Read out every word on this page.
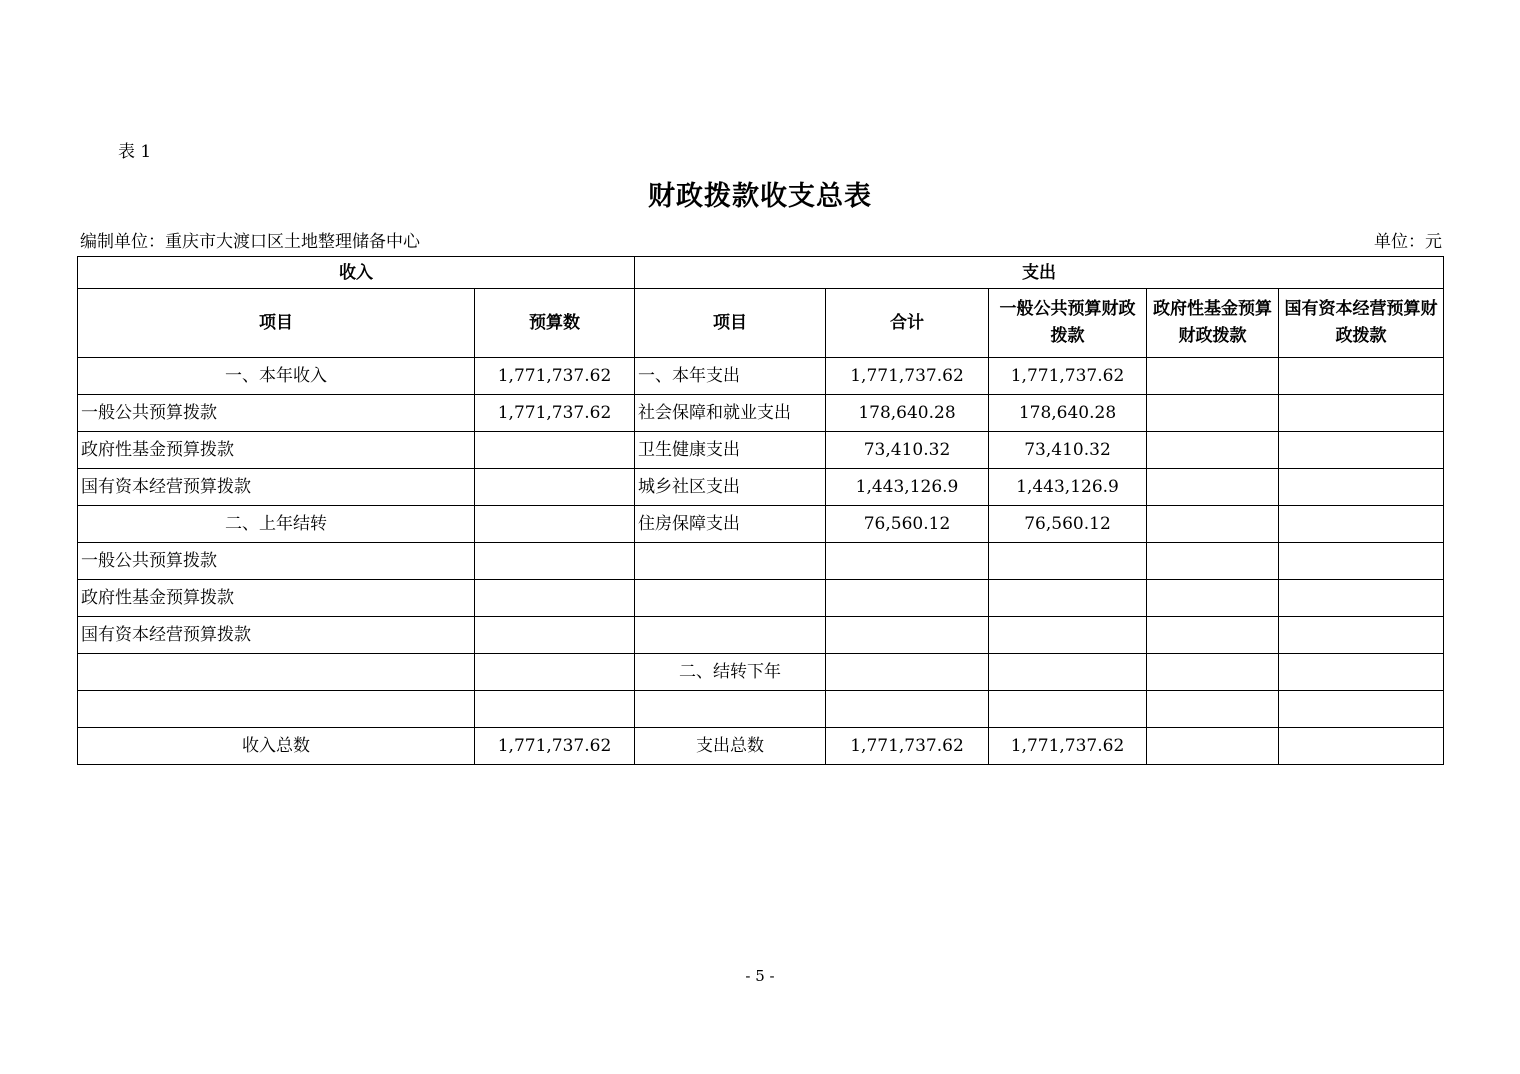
表 1
财政拨款收支总表
编制单位：重庆市大渡口区土地整理储备中心	单位：元
收入		支出				
项目	预算数	项目	合计	一般公共预算财政拨款	政府性基金预算财政拨款	国有资本经营预算财政拨款
一、本年收入	1,771,737.62	一、本年支出	1,771,737.62	1,771,737.62		
一般公共预算拨款	1,771,737.62	社会保障和就业支出	178,640.28	178,640.28		
政府性基金预算拨款		卫生健康支出	73,410.32	73,410.32		
国有资本经营预算拨款		城乡社区支出	1,443,126.9	1,443,126.9		
二、上年结转		住房保障支出	76,560.12	76,560.12		
一般公共预算拨款						
政府性基金预算拨款						
国有资本经营预算拨款						
		二、结转下年				

收入总数	1,771,737.62	支出总数	1,771,737.62	1,771,737.62		
- 5 -
